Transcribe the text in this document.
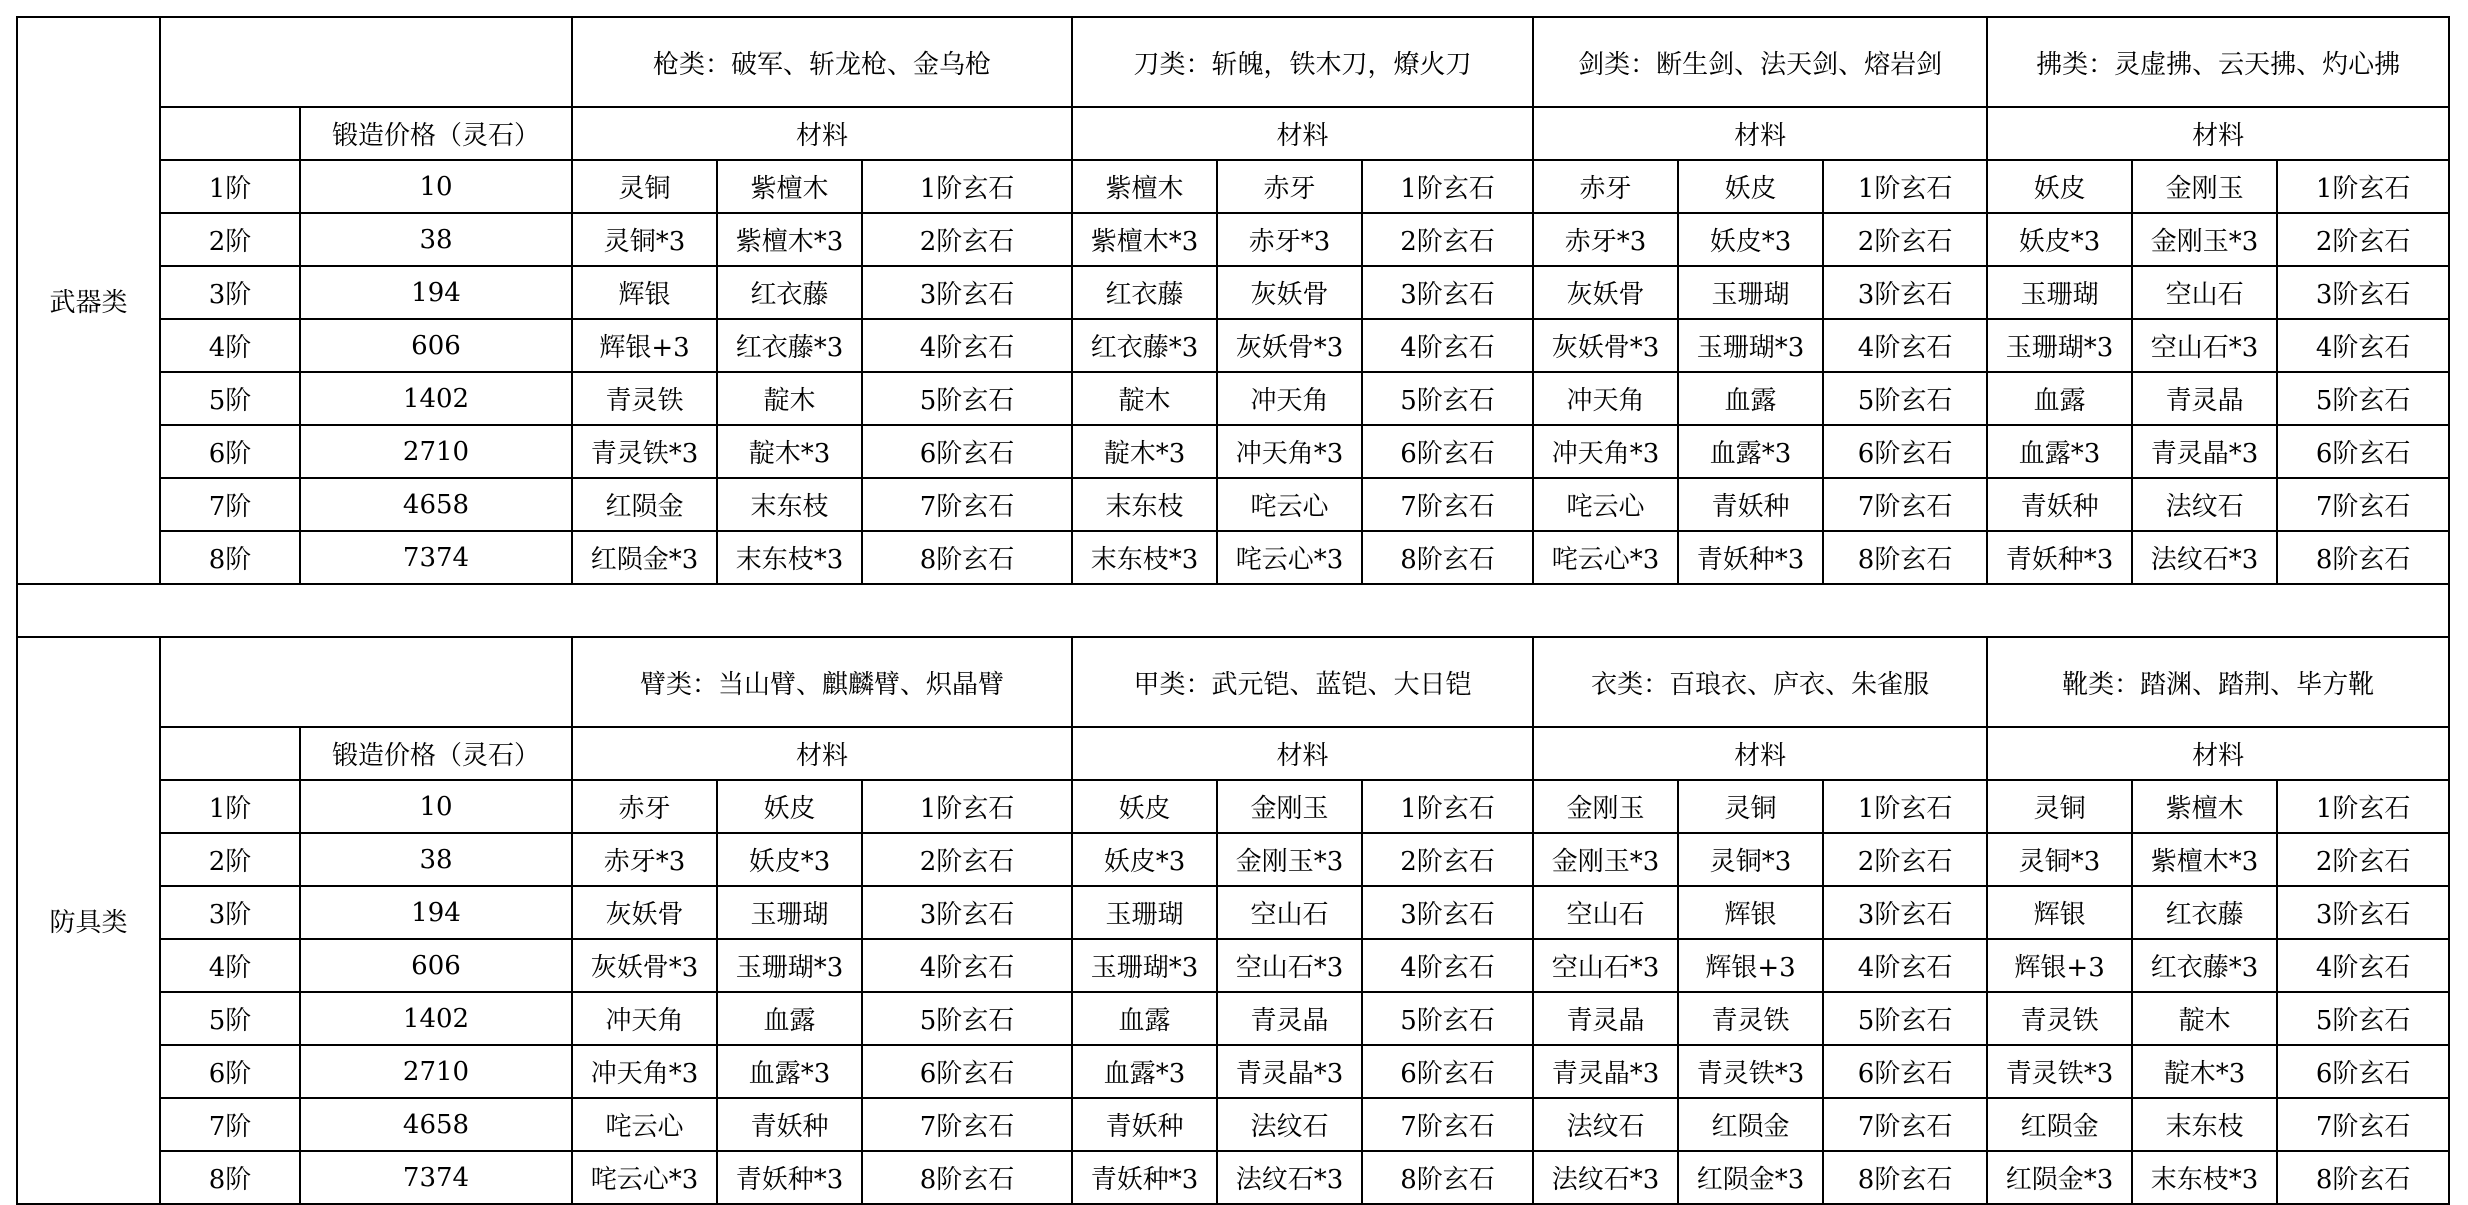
武器类			枪类：破军、斩龙枪、金乌枪			刀类：斩魄，铁木刀，燎火刀			剑类：断生剑、法天剑、熔岩剑			拂类：灵虚拂、云天拂、灼心拂		
		锻造价格（灵石）	材料			材料			材料			材料		
	1阶	10	灵铜	紫檀木	1阶玄石	紫檀木	赤牙	1阶玄石	赤牙	妖皮	1阶玄石	妖皮	金刚玉	1阶玄石
	2阶	38	灵铜*3	紫檀木*3	2阶玄石	紫檀木*3	赤牙*3	2阶玄石	赤牙*3	妖皮*3	2阶玄石	妖皮*3	金刚玉*3	2阶玄石
	3阶	194	辉银	红衣藤	3阶玄石	红衣藤	灰妖骨	3阶玄石	灰妖骨	玉珊瑚	3阶玄石	玉珊瑚	空山石	3阶玄石
	4阶	606	辉银+3	红衣藤*3	4阶玄石	红衣藤*3	灰妖骨*3	4阶玄石	灰妖骨*3	玉珊瑚*3	4阶玄石	玉珊瑚*3	空山石*3	4阶玄石
	5阶	1402	青灵铁	靛木	5阶玄石	靛木	冲天角	5阶玄石	冲天角	血露	5阶玄石	血露	青灵晶	5阶玄石
	6阶	2710	青灵铁*3	靛木*3	6阶玄石	靛木*3	冲天角*3	6阶玄石	冲天角*3	血露*3	6阶玄石	血露*3	青灵晶*3	6阶玄石
	7阶	4658	红陨金	末东枝	7阶玄石	末东枝	咤云心	7阶玄石	咤云心	青妖种	7阶玄石	青妖种	法纹石	7阶玄石
	8阶	7374	红陨金*3	末东枝*3	8阶玄石	末东枝*3	咤云心*3	8阶玄石	咤云心*3	青妖种*3	8阶玄石	青妖种*3	法纹石*3	8阶玄石

防具类			臂类：当山臂、麒麟臂、炽晶臂			甲类：武元铠、蓝铠、大日铠			衣类：百琅衣、庐衣、朱雀服			靴类：踏渊、踏荆、毕方靴		
		锻造价格（灵石）	材料			材料			材料			材料		
	1阶	10	赤牙	妖皮	1阶玄石	妖皮	金刚玉	1阶玄石	金刚玉	灵铜	1阶玄石	灵铜	紫檀木	1阶玄石
	2阶	38	赤牙*3	妖皮*3	2阶玄石	妖皮*3	金刚玉*3	2阶玄石	金刚玉*3	灵铜*3	2阶玄石	灵铜*3	紫檀木*3	2阶玄石
	3阶	194	灰妖骨	玉珊瑚	3阶玄石	玉珊瑚	空山石	3阶玄石	空山石	辉银	3阶玄石	辉银	红衣藤	3阶玄石
	4阶	606	灰妖骨*3	玉珊瑚*3	4阶玄石	玉珊瑚*3	空山石*3	4阶玄石	空山石*3	辉银+3	4阶玄石	辉银+3	红衣藤*3	4阶玄石
	5阶	1402	冲天角	血露	5阶玄石	血露	青灵晶	5阶玄石	青灵晶	青灵铁	5阶玄石	青灵铁	靛木	5阶玄石
	6阶	2710	冲天角*3	血露*3	6阶玄石	血露*3	青灵晶*3	6阶玄石	青灵晶*3	青灵铁*3	6阶玄石	青灵铁*3	靛木*3	6阶玄石
	7阶	4658	咤云心	青妖种	7阶玄石	青妖种	法纹石	7阶玄石	法纹石	红陨金	7阶玄石	红陨金	末东枝	7阶玄石
	8阶	7374	咤云心*3	青妖种*3	8阶玄石	青妖种*3	法纹石*3	8阶玄石	法纹石*3	红陨金*3	8阶玄石	红陨金*3	末东枝*3	8阶玄石
